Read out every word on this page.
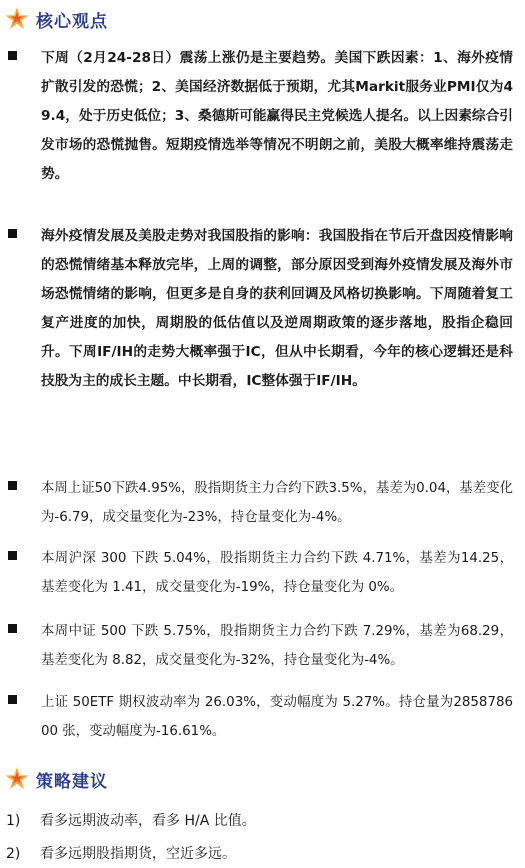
核心观点
下周（2月24-28日）震荡上涨仍是主要趋势。美国下跌因素：1、海外疫情扩散引发的恐慌；2、美国经济数据低于预期，尤其Markit服务业PMI仅为49.4，处于历史低位；3、桑德斯可能赢得民主党候选人提名。以上因素综合引发市场的恐慌抛售。短期疫情选举等情况不明朗之前，美股大概率维持震荡走势。
海外疫情发展及美股走势对我国股指的影响：我国股指在节后开盘因疫情影响的恐慌情绪基本释放完毕，上周的调整，部分原因受到海外疫情发展及海外市场恐慌情绪的影响，但更多是自身的获利回调及风格切换影响。下周随着复工复产进度的加快，周期股的低估值以及逆周期政策的逐步落地，股指企稳回升。下周IF/IH的走势大概率强于IC，但从中长期看，今年的核心逻辑还是科技股为主的成长主题。中长期看，IC整体强于IF/IH。
本周上证50下跌4.95%，股指期货主力合约下跌3.5%，基差为0.04，基差变化为-6.79，成交量变化为-23%，持仓量变化为-4%。
本周沪深 300 下跌 5.04%，股指期货主力合约下跌 4.71%，基差为14.25，基差变化为 1.41，成交量变化为-19%，持仓量变化为 0%。
本周中证 500 下跌 5.75%，股指期货主力合约下跌 7.29%，基差为68.29，基差变化为 8.82，成交量变化为-32%，持仓量变化为-4%。
上证 50ETF 期权波动率为 26.03%，变动幅度为 5.27%。持仓量为285878600 张，变动幅度为-16.61%。
策略建议
1)	看多远期波动率，看多 H/A 比值。
2)	看多远期股指期货，空近多远。
